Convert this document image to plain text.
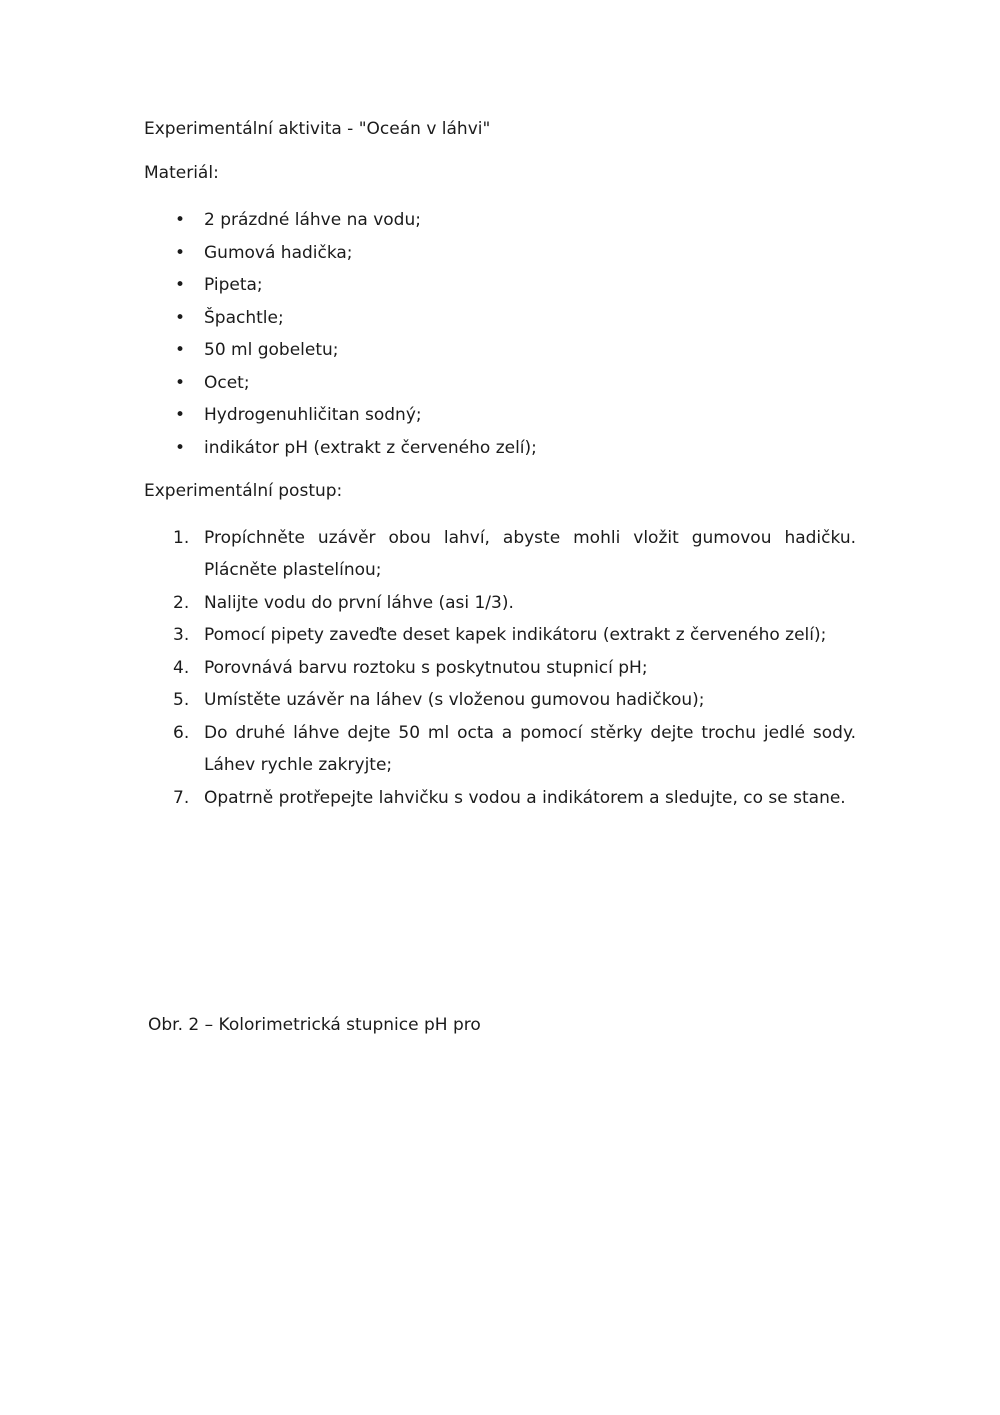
Experimentální aktivita - "Oceán v láhvi"

Materiál:

• 2 prázdné láhve na vodu;
• Gumová hadička;
• Pipeta;
• Špachtle;
• 50 ml gobeletu;
• Ocet;
• Hydrogenuhličitan sodný;
• indikátor pH (extrakt z červeného zelí);

Experimentální postup:

Propíchněte uzávěr obou lahví, abyste mohli vložit gumovou hadičku. Plácněte plastelínou;
Nalijte vodu do první láhve (asi 1/3).
Pomocí pipety zaveďte deset kapek indikátoru (extrakt z červeného zelí);
Porovnává barvu roztoku s poskytnutou stupnicí pH;
Umístěte uzávěr na láhev (s vloženou gumovou hadičkou);
Do druhé láhve dejte 50 ml octa a pomocí stěrky dejte trochu jedlé sody. Láhev rychle zakryjte;
Opatrně protřepejte lahvičku s vodou a indikátorem a sledujte, co se stane.

Obr. 2 – Kolorimetrická stupnice pH pro
